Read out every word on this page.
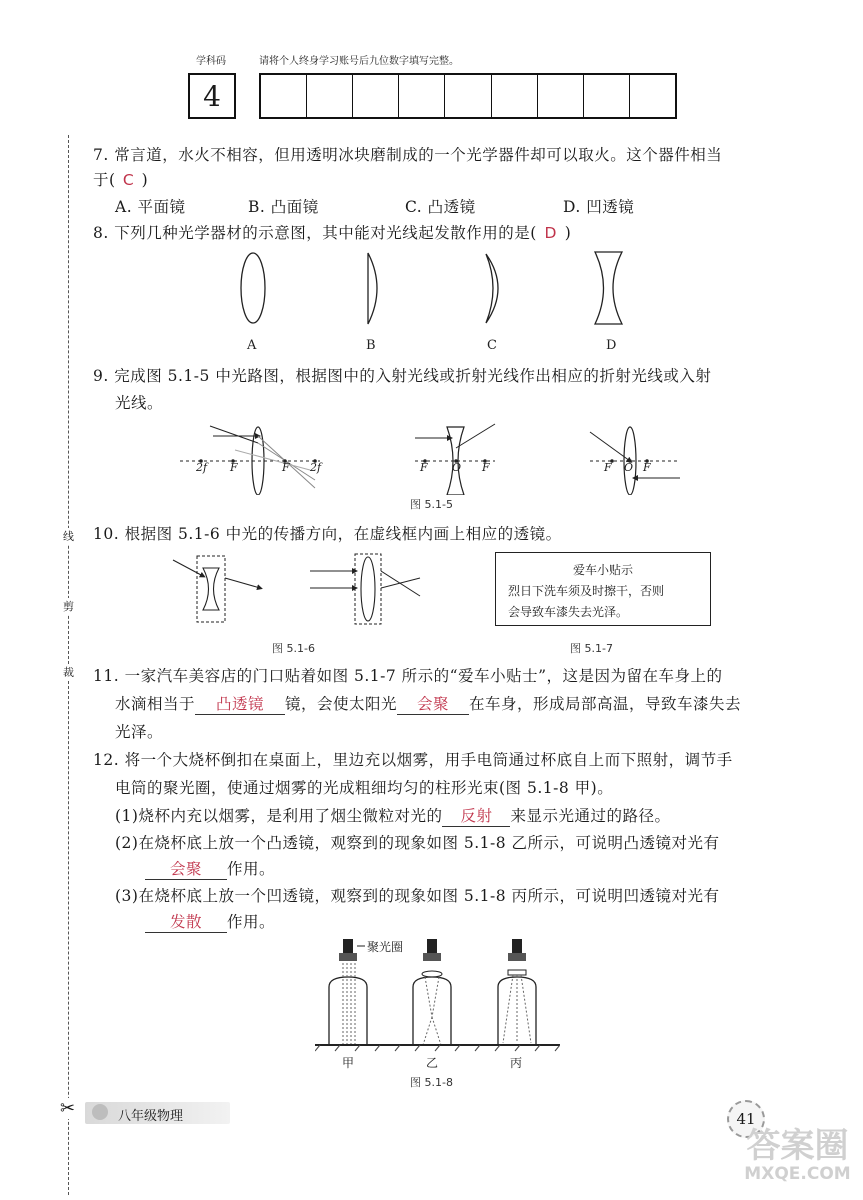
学科码	请将个人终身学习账号后九位数字填写完整。
4
线
剪
裁
✂
7. 常言道，水火不相容，但用透明冰块磨制成的一个光学器件却可以取火。这个器件相当
于( C )
A. 平面镜	B. 凸面镜	C. 凸透镜	D. 凹透镜
8. 下列几种光学器材的示意图，其中能对光线起发散作用的是( D )
A	B	C	D
9. 完成图 5.1-5 中光路图，根据图中的入射光线或折射光线作出相应的折射光线或入射
光线。
2f F	F 2f	F O F	F O F
图 5.1-5
10. 根据图 5.1-6 中光的传播方向，在虚线框内画上相应的透镜。
爱车小贴示
烈日下洗车须及时擦干，否则
会导致车漆失去光泽。
图 5.1-6	图 5.1-7
11. 一家汽车美容店的门口贴着如图 5.1-7 所示的“爱车小贴士”，这是因为留在车身上的
水滴相当于 凸透镜 镜，会使太阳光 会聚 在车身，形成局部高温，导致车漆失去
光泽。
12. 将一个大烧杯倒扣在桌面上，里边充以烟雾，用手电筒通过杯底自上而下照射，调节手
电筒的聚光圈，使通过烟雾的光成粗细均匀的柱形光束(图 5.1-8 甲)。
(1)烧杯内充以烟雾，是利用了烟尘微粒对光的 反射 来显示光通过的路径。
(2)在烧杯底上放一个凸透镜，观察到的现象如图 5.1-8 乙所示，可说明凸透镜对光有
会聚 作用。
(3)在烧杯底上放一个凹透镜，观察到的现象如图 5.1-8 丙所示，可说明凹透镜对光有
发散 作用。
聚光圈
甲	乙	丙
图 5.1-8
八年级物理	41
答案圈
MXQE.COM
